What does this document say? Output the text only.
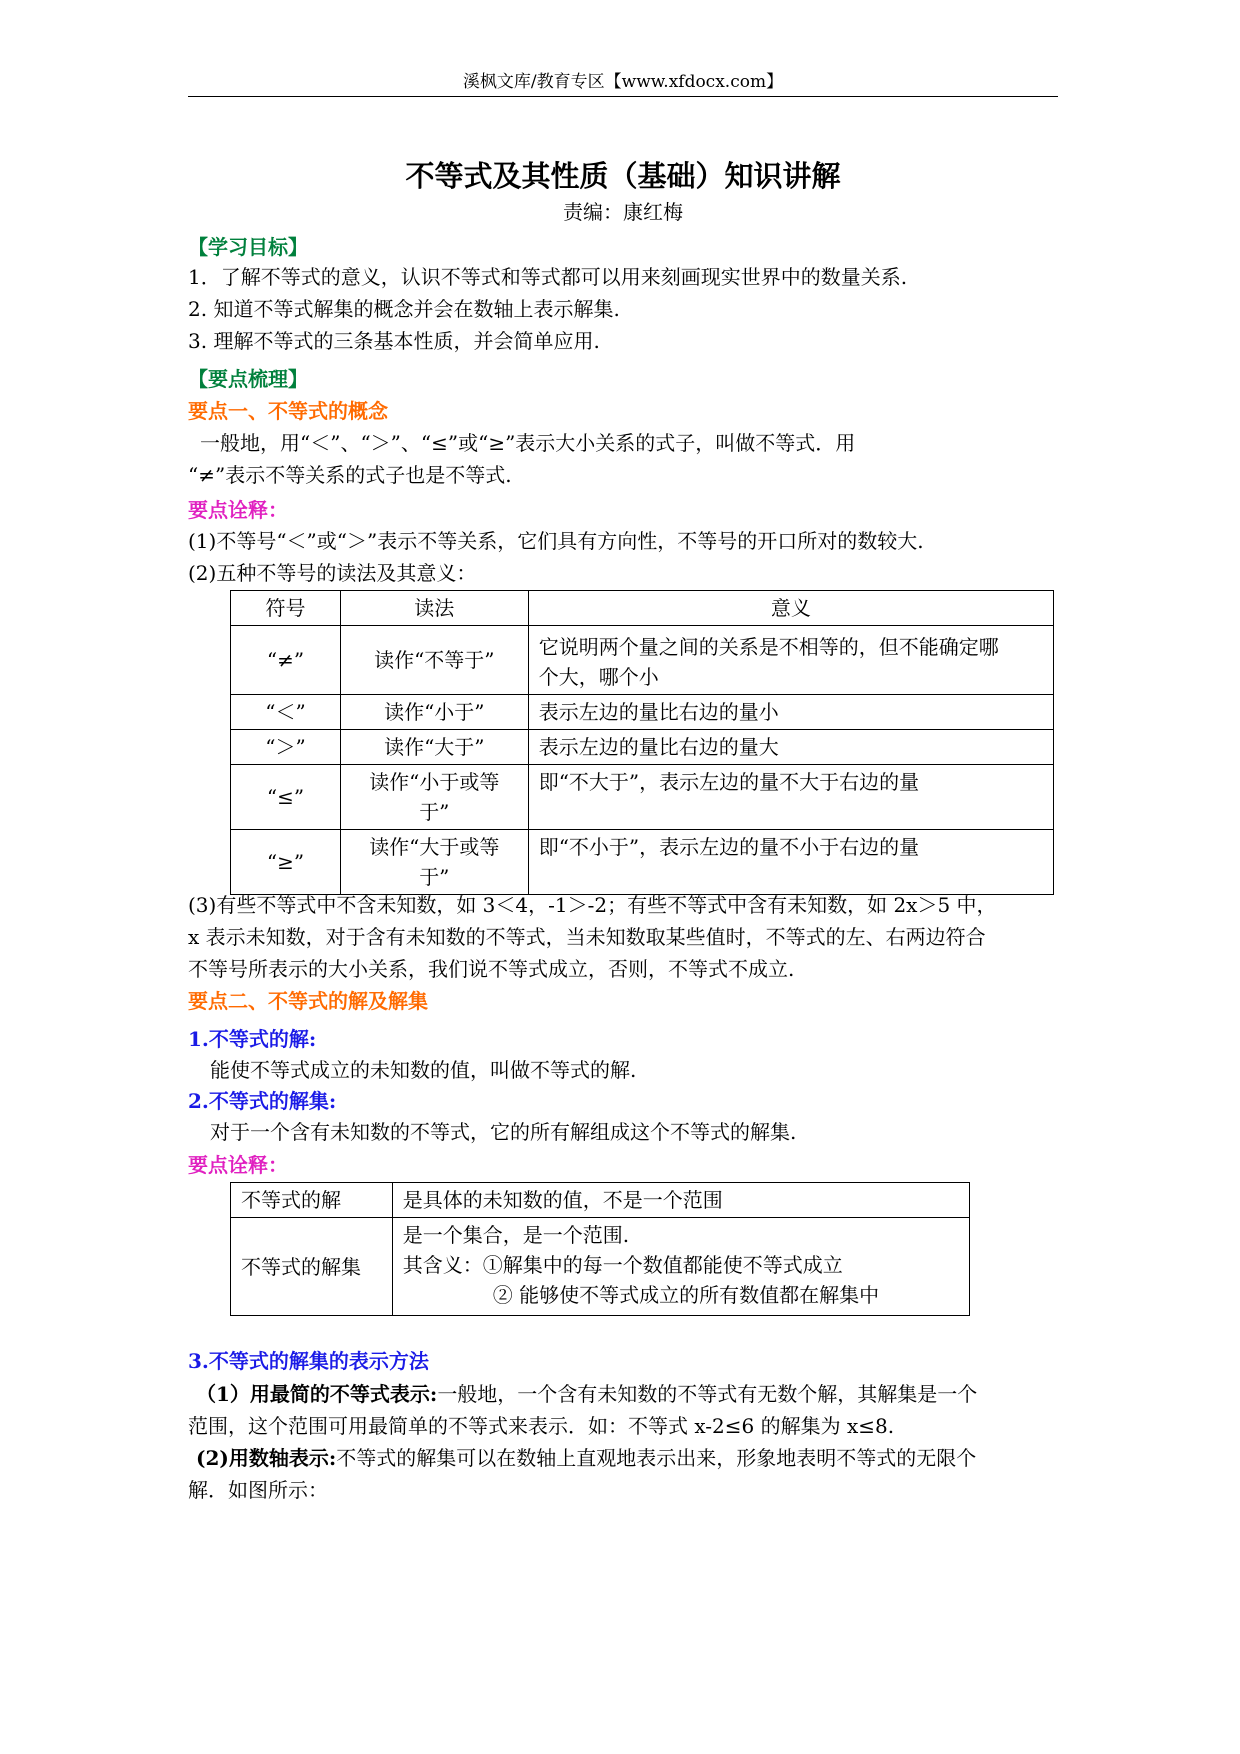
溪枫文库/教育专区【www.xfdocx.com】
不等式及其性质（基础）知识讲解
责编：康红梅
【学习目标】
1．了解不等式的意义，认识不等式和等式都可以用来刻画现实世界中的数量关系.
2. 知道不等式解集的概念并会在数轴上表示解集.
3. 理解不等式的三条基本性质，并会简单应用.
【要点梳理】
要点一、不等式的概念
一般地，用“＜”、“＞”、“≤”或“≥”表示大小关系的式子，叫做不等式．用
“≠”表示不等关系的式子也是不等式.
要点诠释：
(1)不等号“＜”或“＞”表示不等关系，它们具有方向性，不等号的开口所对的数较大.
(2)五种不等号的读法及其意义：
符号	读法	意义

“≠”	读作“不等于”	它说明两个量之间的关系是不相等的，但不能确定哪
个大，哪个小

“＜”	读作“小于”	表示左边的量比右边的量小

“＞”	读作“大于”	表示左边的量比右边的量大

“≤”	读作“小于或等
于”	即“不大于”，表示左边的量不大于右边的量

“≥”	读作“大于或等
于”	即“不小于”，表示左边的量不小于右边的量
(3)有些不等式中不含未知数，如 3＜4，-1＞-2；有些不等式中含有未知数，如 2x＞5 中，
x 表示未知数，对于含有未知数的不等式，当未知数取某些值时，不等式的左、右两边符合
不等号所表示的大小关系，我们说不等式成立，否则，不等式不成立.
要点二、不等式的解及解集
1.不等式的解:
能使不等式成立的未知数的值，叫做不等式的解.
2.不等式的解集:
对于一个含有未知数的不等式，它的所有解组成这个不等式的解集.
要点诠释：
不等式的解	是具体的未知数的值，不是一个范围

不等式的解集	是一个集合，是一个范围.
其含义：①解集中的每一个数值都能使不等式成立
② 能够使不等式成立的所有数值都在解集中
3.不等式的解集的表示方法
（1）用最简的不等式表示:一般地，一个含有未知数的不等式有无数个解，其解集是一个
范围，这个范围可用最简单的不等式来表示．如：不等式 x-2≤6 的解集为 x≤8.
(2)用数轴表示:不等式的解集可以在数轴上直观地表示出来，形象地表明不等式的无限个
解．如图所示：
